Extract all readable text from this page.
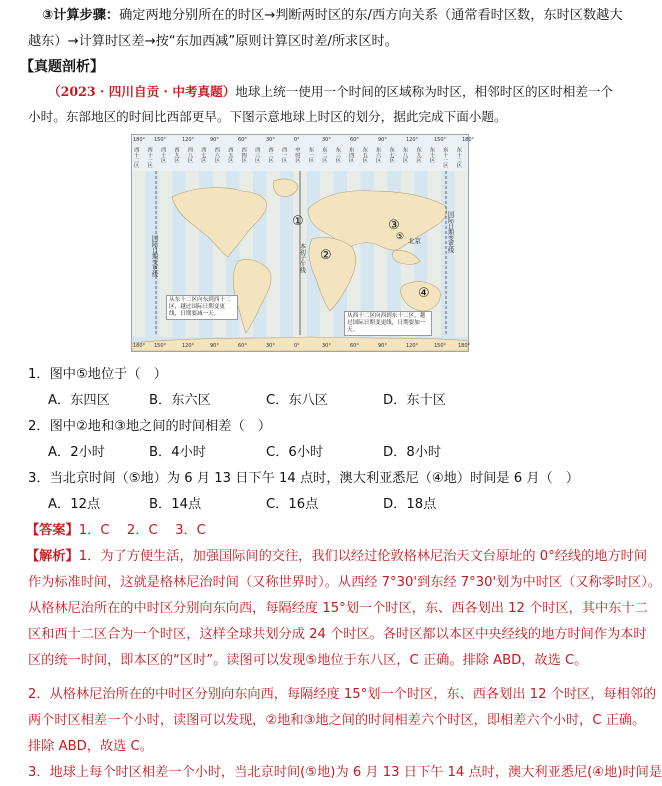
③计算步骤：确定两地分别所在的时区→判断两时区的东/西方向关系（通常看时区数，东时区数越大
越东）→计算时区差→按“东加西减”原则计算区时差/所求区时。
【真题剖析】
（2023 · 四川自贡 · 中考真题）地球上统一使用一个时间的区域称为时区，相邻时区的区时相差一个
小时。东部地区的时间比西部更早。下图示意地球上时区的划分，据此完成下面小题。
180° 150°	120°	90°	60°	30°	0°	30°	60°	90°	120°	150°	180°
西十二区 西十一区 西十区 西九区 西八区 西七区 西六区 西五区 西四区 西三区 西二区 西一区 中时区 东一区 东二区 东三区 东四区 东五区 东六区 东七区 东八区 东九区 东十区 东十一区 东十二区
国际日期变更线
国际日期变更线
本初子午线
北京
从东十二区向东到西十二区，越过国际日期变更线，日期要减一天。	从西十二区向西到东十二区，越过国际日期变更线，日期要加一天。
①
②
③
④
⑤
180° 150°	120°	90°	60°	30°	0°	30°	60°	90°	120°	150° 180°
1．图中⑤地位于（　）
A．东四区	B．东六区	C．东八区	D．东十区
2．图中②地和③地之间的时间相差（　）
A．2小时	B．4小时	C．6小时	D．8小时
3．当北京时间（⑤地）为 6 月 13 日下午 14 点时，澳大利亚悉尼（④地）时间是 6 月（　）
A．12点	B．14点	C．16点	D．18点
【答案】1．C　 2．C　 3．C
【解析】1．为了方便生活，加强国际间的交往，我们以经过伦敦格林尼治天文台原址的 0°经线的地方时间
作为标准时间，这就是格林尼治时间（又称世界时）。从西经 7°30'到东经 7°30'划为中时区（又称零时区）。
从格林尼治所在的中时区分别向东向西，每隔经度 15°划一个时区，东、西各划出 12 个时区，其中东十二
区和西十二区合为一个时区，这样全球共划分成 24 个时区。各时区都以本区中央经线的地方时间作为本时
区的统一时间，即本区的“区时”。读图可以发现⑤地位于东八区，C 正确。排除 ABD，故选 C。
2．从格林尼治所在的中时区分别向东向西，每隔经度 15°划一个时区，东、西各划出 12 个时区，每相邻的
两个时区相差一个小时，读图可以发现，②地和③地之间的时间相差六个时区，即相差六个小时，C 正确。
排除 ABD，故选 C。
3．地球上每个时区相差一个小时，当北京时间(⑤地)为 6 月 13 日下午 14 点时，澳大利亚悉尼(④地)时间是
